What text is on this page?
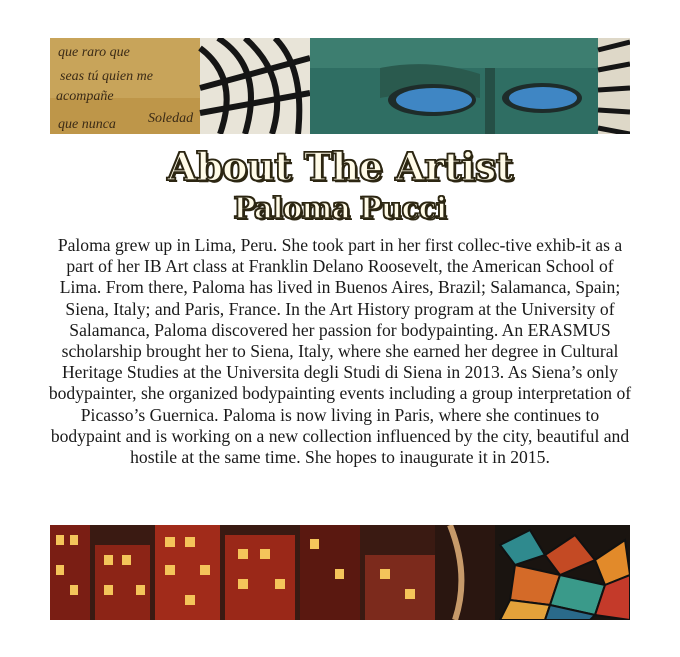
que raro que
seas tú quien me
acompañe
Soledad
que nunca
About The Artist
Paloma Pucci

Paloma grew up in Lima, Peru. She took part in her first collec-tive exhib-it as a part of her IB Art class at Franklin Delano Roosevelt, the American School of Lima. From there, Paloma has lived in Buenos Aires, Brazil; Salamanca, Spain; Siena, Italy; and Paris, France. In the Art History program at the University of Salamanca, Paloma discovered her passion for bodypainting. An ERASMUS scholarship brought her to Siena, Italy, where she earned her degree in Cultural Heritage Studies at the Universita degli Studi di Siena in 2013. As Siena’s only bodypainter, she organized bodypainting events including a group interpretation of Picasso’s Guernica. Paloma is now living in Paris, where she continues to bodypaint and is working on a new collection influenced by the city, beautiful and hostile at the same time. She hopes to inaugurate it in 2015.
